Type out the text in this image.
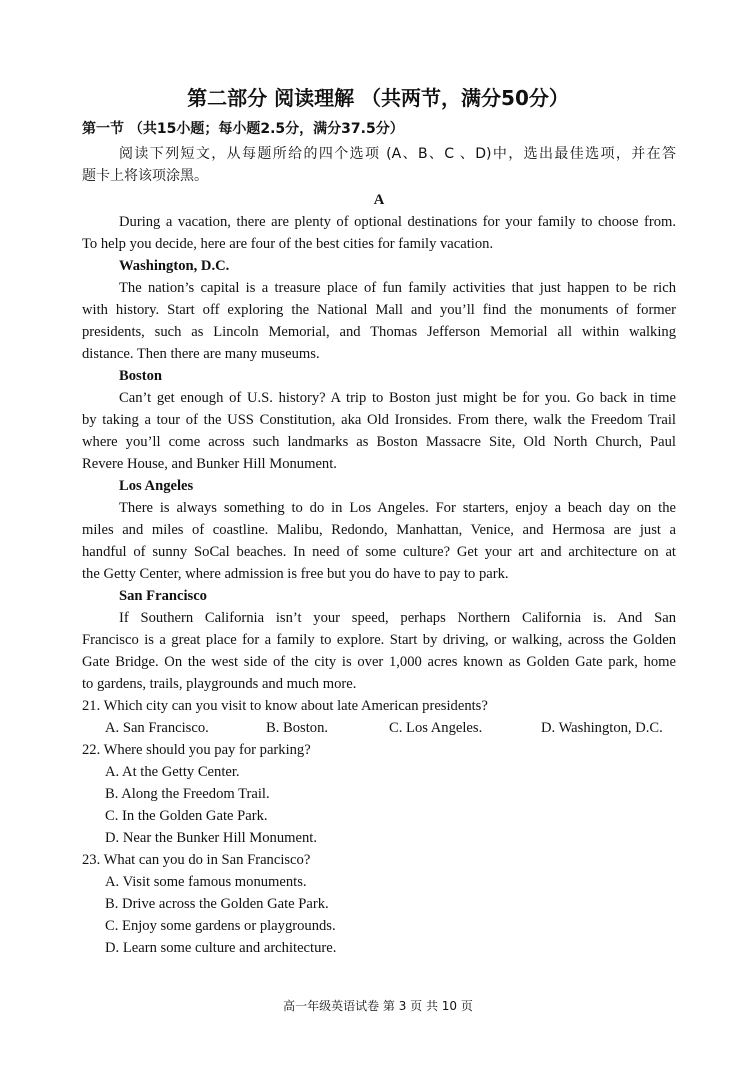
第二部分 阅读理解 （共两节，满分50分）
第一节 （共15小题；每小题2.5分，满分37.5分）
阅读下列短文，从每题所给的四个选项 (A、B、C 、D)中，选出最佳选项，并在答
题卡上将该项涂黑。
A
During a vacation, there are plenty of optional destinations for your family to choose from.
To help you decide, here are four of the best cities for family vacation.
Washington, D.C.
The nation’s capital is a treasure place of fun family activities that just happen to be rich
with history. Start off exploring the National Mall and you’ll find the monuments of former
presidents, such as Lincoln Memorial, and Thomas Jefferson Memorial all within walking
distance. Then there are many museums.
Boston
Can’t get enough of U.S. history? A trip to Boston just might be for you. Go back in time
by taking a tour of the USS Constitution, aka Old Ironsides. From there, walk the Freedom Trail
where you’ll come across such landmarks as Boston Massacre Site, Old North Church, Paul
Revere House, and Bunker Hill Monument.
Los Angeles
There is always something to do in Los Angeles. For starters, enjoy a beach day on the
miles and miles of coastline. Malibu, Redondo, Manhattan, Venice, and Hermosa are just a
handful of sunny SoCal beaches. In need of some culture? Get your art and architecture on at
the Getty Center, where admission is free but you do have to pay to park.
San Francisco
If Southern California isn’t your speed, perhaps Northern California is. And San
Francisco is a great place for a family to explore. Start by driving, or walking, across the Golden
Gate Bridge. On the west side of the city is over 1,000 acres known as Golden Gate park, home
to gardens, trails, playgrounds and much more.
21. Which city can you visit to know about late American presidents?
A. San Francisco.	B. Boston.	C. Los Angeles.	D. Washington, D.C.
22. Where should you pay for parking?
A. At the Getty Center.
B. Along the Freedom Trail.
C. In the Golden Gate Park.
D. Near the Bunker Hill Monument.
23. What can you do in San Francisco?
A. Visit some famous monuments.
B. Drive across the Golden Gate Park.
C. Enjoy some gardens or playgrounds.
D. Learn some culture and architecture.
高一年级英语试卷 第 3 页 共 10 页
